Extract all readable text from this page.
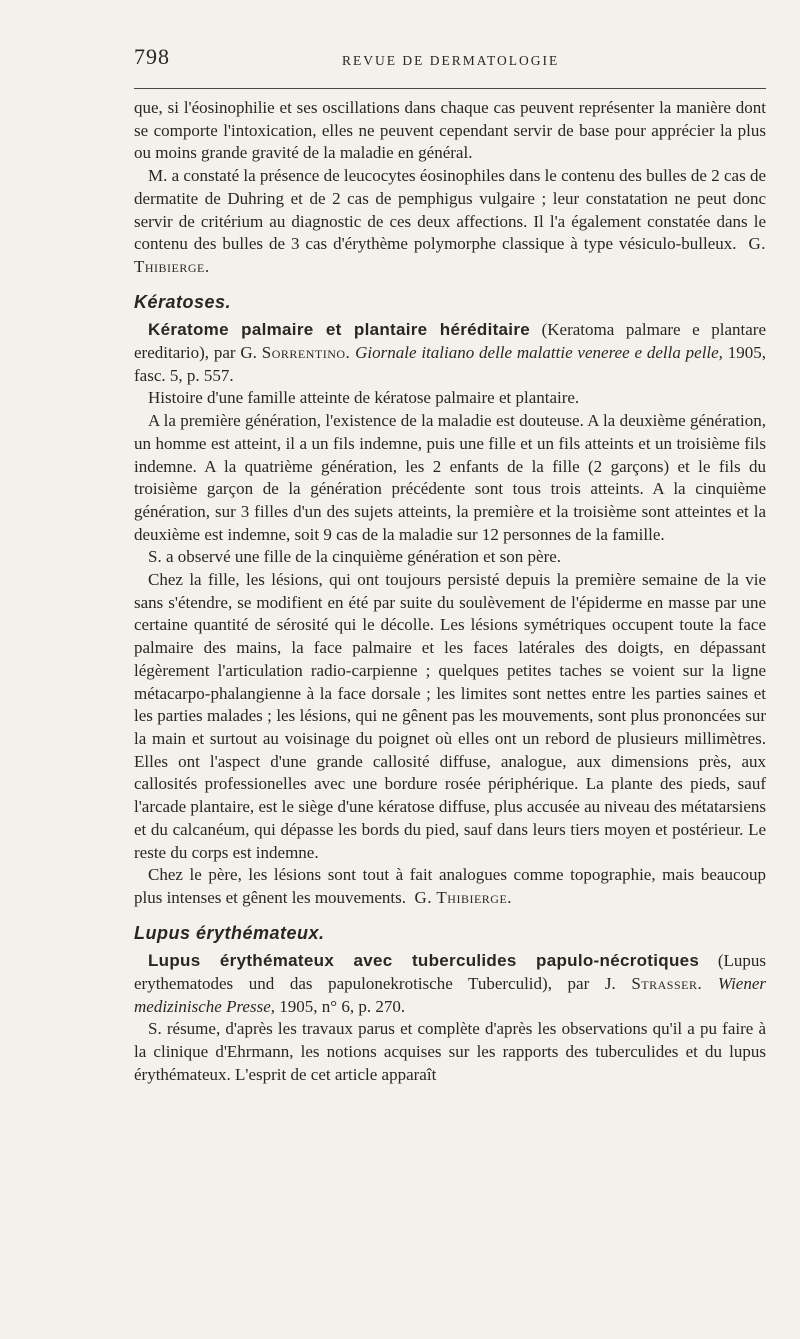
798	REVUE DE DERMATOLOGIE

que, si l'éosinophilie et ses oscillations dans chaque cas peuvent représenter la manière dont se comporte l'intoxication, elles ne peuvent cependant servir de base pour apprécier la plus ou moins grande gravité de la maladie en général.

M. a constaté la présence de leucocytes éosinophiles dans le contenu des bulles de 2 cas de dermatite de Duhring et de 2 cas de pemphigus vulgaire ; leur constatation ne peut donc servir de critérium au diagnostic de ces deux affections. Il l'a également constatée dans le contenu des bulles de 3 cas d'érythème polymorphe classique à type vésiculo-bulleux. G. Thibierge.

Kératoses.

Kératome palmaire et plantaire héréditaire (Keratoma palmare e plantare ereditario), par G. Sorrentino. Giornale italiano delle malattie veneree e della pelle, 1905, fasc. 5, p. 557.

Histoire d'une famille atteinte de kératose palmaire et plantaire.

A la première génération, l'existence de la maladie est douteuse. A la deuxième génération, un homme est atteint, il a un fils indemne, puis une fille et un fils atteints et un troisième fils indemne. A la quatrième génération, les 2 enfants de la fille (2 garçons) et le fils du troisième garçon de la génération précédente sont tous trois atteints. A la cinquième génération, sur 3 filles d'un des sujets atteints, la première et la troisième sont atteintes et la deuxième est indemne, soit 9 cas de la maladie sur 12 personnes de la famille.

S. a observé une fille de la cinquième génération et son père.

Chez la fille, les lésions, qui ont toujours persisté depuis la première semaine de la vie sans s'étendre, se modifient en été par suite du soulèvement de l'épiderme en masse par une certaine quantité de sérosité qui le décolle. Les lésions symétriques occupent toute la face palmaire des mains, la face palmaire et les faces latérales des doigts, en dépassant légèrement l'articulation radio-carpienne ; quelques petites taches se voient sur la ligne métacarpo-phalangienne à la face dorsale ; les limites sont nettes entre les parties saines et les parties malades ; les lésions, qui ne gênent pas les mouvements, sont plus prononcées sur la main et surtout au voisinage du poignet où elles ont un rebord de plusieurs millimètres. Elles ont l'aspect d'une grande callosité diffuse, analogue, aux dimensions près, aux callosités professionelles avec une bordure rosée périphérique. La plante des pieds, sauf l'arcade plantaire, est le siège d'une kératose diffuse, plus accusée au niveau des métatarsiens et du calcanéum, qui dépasse les bords du pied, sauf dans leurs tiers moyen et postérieur. Le reste du corps est indemne.

Chez le père, les lésions sont tout à fait analogues comme topographie, mais beaucoup plus intenses et gênent les mouvements. G. Thibierge.

Lupus érythémateux.

Lupus érythémateux avec tuberculides papulo-nécrotiques (Lupus erythematodes und das papulonekrotische Tuberculid), par J. Strasser. Wiener medizinische Presse, 1905, n° 6, p. 270.

S. résume, d'après les travaux parus et complète d'après les observations qu'il a pu faire à la clinique d'Ehrmann, les notions acquises sur les rapports des tuberculides et du lupus érythémateux. L'esprit de cet article apparaît
